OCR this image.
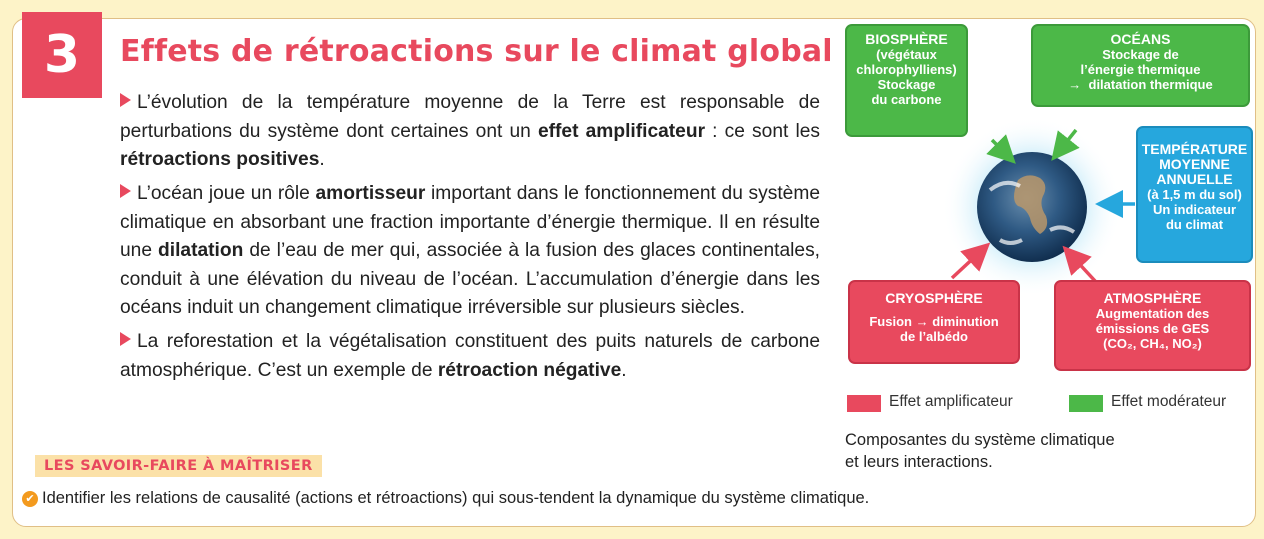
3	Effets de rétroactions sur le climat global

L’évolution de la température moyenne de la Terre est responsable de perturbations du système dont certaines ont un effet amplificateur : ce sont les rétroactions positives.

L’océan joue un rôle amortisseur important dans le fonctionnement du système climatique en absorbant une fraction importante d’énergie thermique. Il en résulte une dilatation de l’eau de mer qui, associée à la fusion des glaces continentales, conduit à une élévation du niveau de l’océan. L’accumulation d’énergie dans les océans induit un changement climatique irréversible sur plusieurs siècles.

La reforestation et la végétalisation constituent des puits naturels de carbone atmosphérique. C’est un exemple de rétroaction négative.

LES SAVOIR-FAIRE À MAÎTRISER
✔ Identifier les relations de causalité (actions et rétroactions) qui sous-tendent la dynamique du système climatique.
BIOSPHÈRE
(végétaux
chlorophylliens)
Stockage
du carbone
OCÉANS
Stockage de
l’énergie thermique
→ dilatation thermique
TEMPÉRATURE
MOYENNE
ANNUELLE
(à 1,5 m du sol)
Un indicateur
du climat
CRYOSPHÈRE
Fusion → diminution
de l’albédo
ATMOSPHÈRE
Augmentation des
émissions de GES
(CO₂, CH₄, NO₂)
Effet amplificateur	Effet modérateur
Composantes du système climatique
et leurs interactions.
